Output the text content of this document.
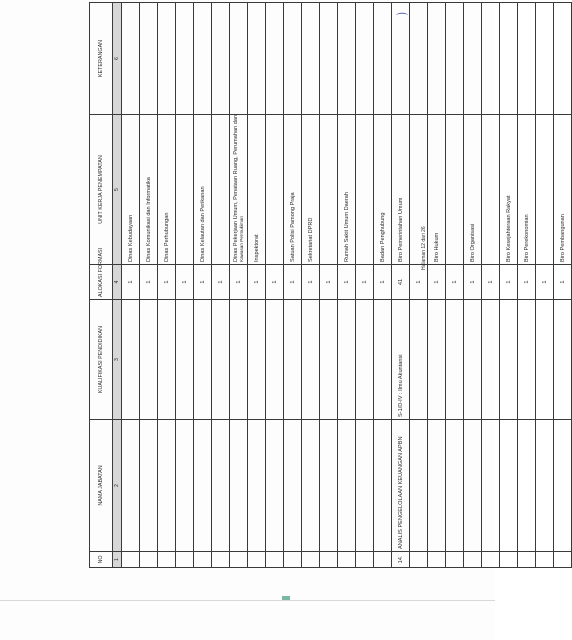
NO	NAMA JABATAN	KUALIFIKASI PENDIDIKAN	ALOKASI FORMASI	UNIT KERJA PENEMPATAN	KETERANGAN
1	2	3	4	5	6
			1	Dinas Kebudayaan	
			1	Dinas Komunikasi dan Informatika	
			1	Dinas Perhubungan	
			1		
			1	Dinas Kelautan dan Perikanan	
			1		
			1	Dinas Pekerjaan Umum, Penataan Ruang, Perumahan dan Kawasan Permukiman	

			1	Inspektorat	
			1		
			1	Satuan Polisi Pamong Praja	
			1	Sekretariat DPRD	
			1		
			1	Rumah Sakit Umum Daerah	
			1		
			1	Badan Penghubung	
14.	ANALIS PENGELOLAAN KEUANGAN APBN	S-1/D-IV : Ilmu Akuntansi	41	Biro Pemerintahan Umum	
			1		
			1	Biro Hukum	
			1		
			1	Biro Organisasi	
			1		
			1	Biro Kesejahteraan Rakyat	
			1	Biro Perekonomian	
			1		
			1	Biro Pembangunan	
Halaman 12 dari 26
⌒
